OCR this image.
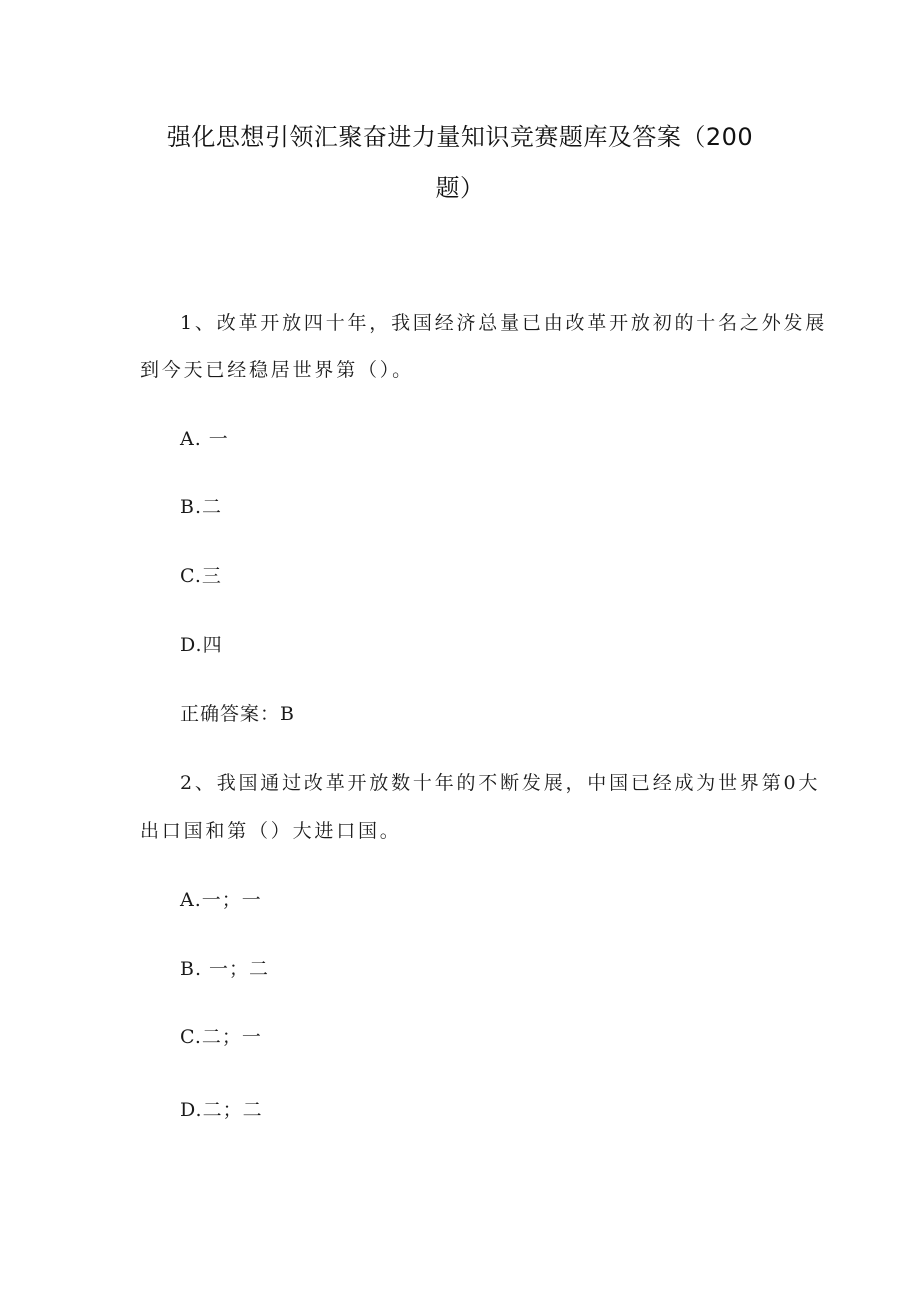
强化思想引领汇聚奋进力量知识竞赛题库及答案（200
题）
1、改革开放四十年，我国经济总量已由改革开放初的十名之外发展
到今天已经稳居世界第（）。
A. 一
B.二
C.三
D.四
正确答案：B
2、我国通过改革开放数十年的不断发展，中国已经成为世界第0大
出口国和第（）大进口国。
A.一；一
B. 一；二
C.二；一
D.二；二
